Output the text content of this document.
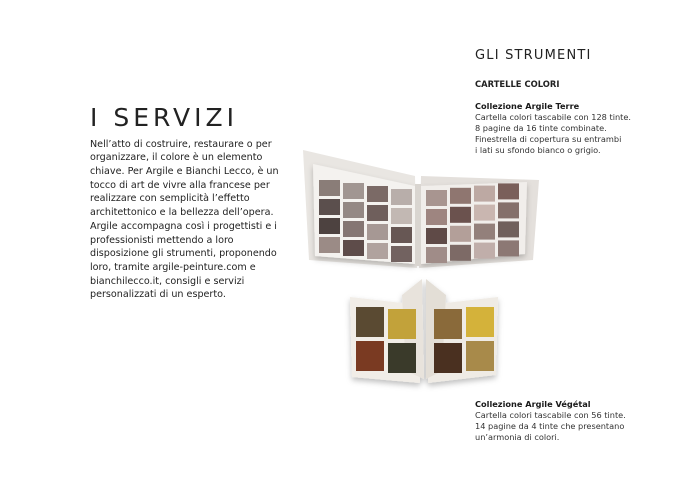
I SERVIZI

Nell’atto di costruire, restaurare o per organizzare, il colore è un elemento chiave. Per Argile e Bianchi Lecco, è un tocco di art de vivre alla francese per realizzare con semplicità l’effetto architettonico e la bellezza dell’opera. Argile accompagna così i progettisti e i professionisti mettendo a loro disposizione gli strumenti, proponendo loro, tramite argile-peinture.com e bianchilecco.it, consigli e servizi personalizzati di un esperto.

GLI STRUMENTI
CARTELLE COLORI
Collezione Argile Terre
Cartella colori tascabile con 128 tinte.
8 pagine da 16 tinte combinate.
Finestrella di copertura su entrambi
i lati su sfondo bianco o grigio.
Collezione Argile Végétal
Cartella colori tascabile con 56 tinte.
14 pagine da 4 tinte che presentano
un’armonia di colori.
